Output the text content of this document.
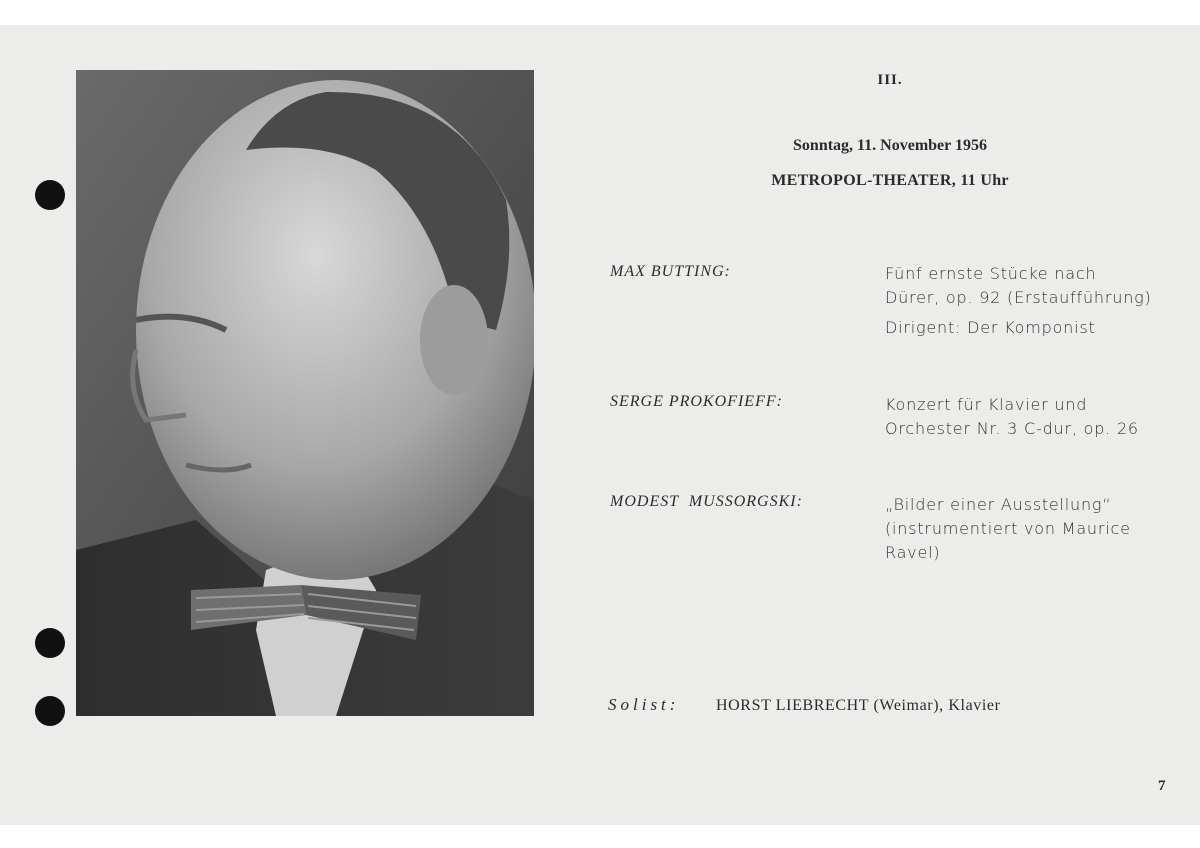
III.
Sonntag, 11. November 1956
METROPOL-THEATER, 11 Uhr
MAX BUTTING:	Fünf ernste Stücke nach
Dürer, op. 92 (Erstaufführung)
Dirigent: Der Komponist
SERGE PROKOFIEFF:	Konzert für Klavier und
Orchester Nr. 3 C-dur, op. 26
MODEST  MUSSORGSKI:	„Bilder einer Ausstellung“
(instrumentiert von Maurice
Ravel)
Solist: HORST LIEBRECHT (Weimar), Klavier
7
